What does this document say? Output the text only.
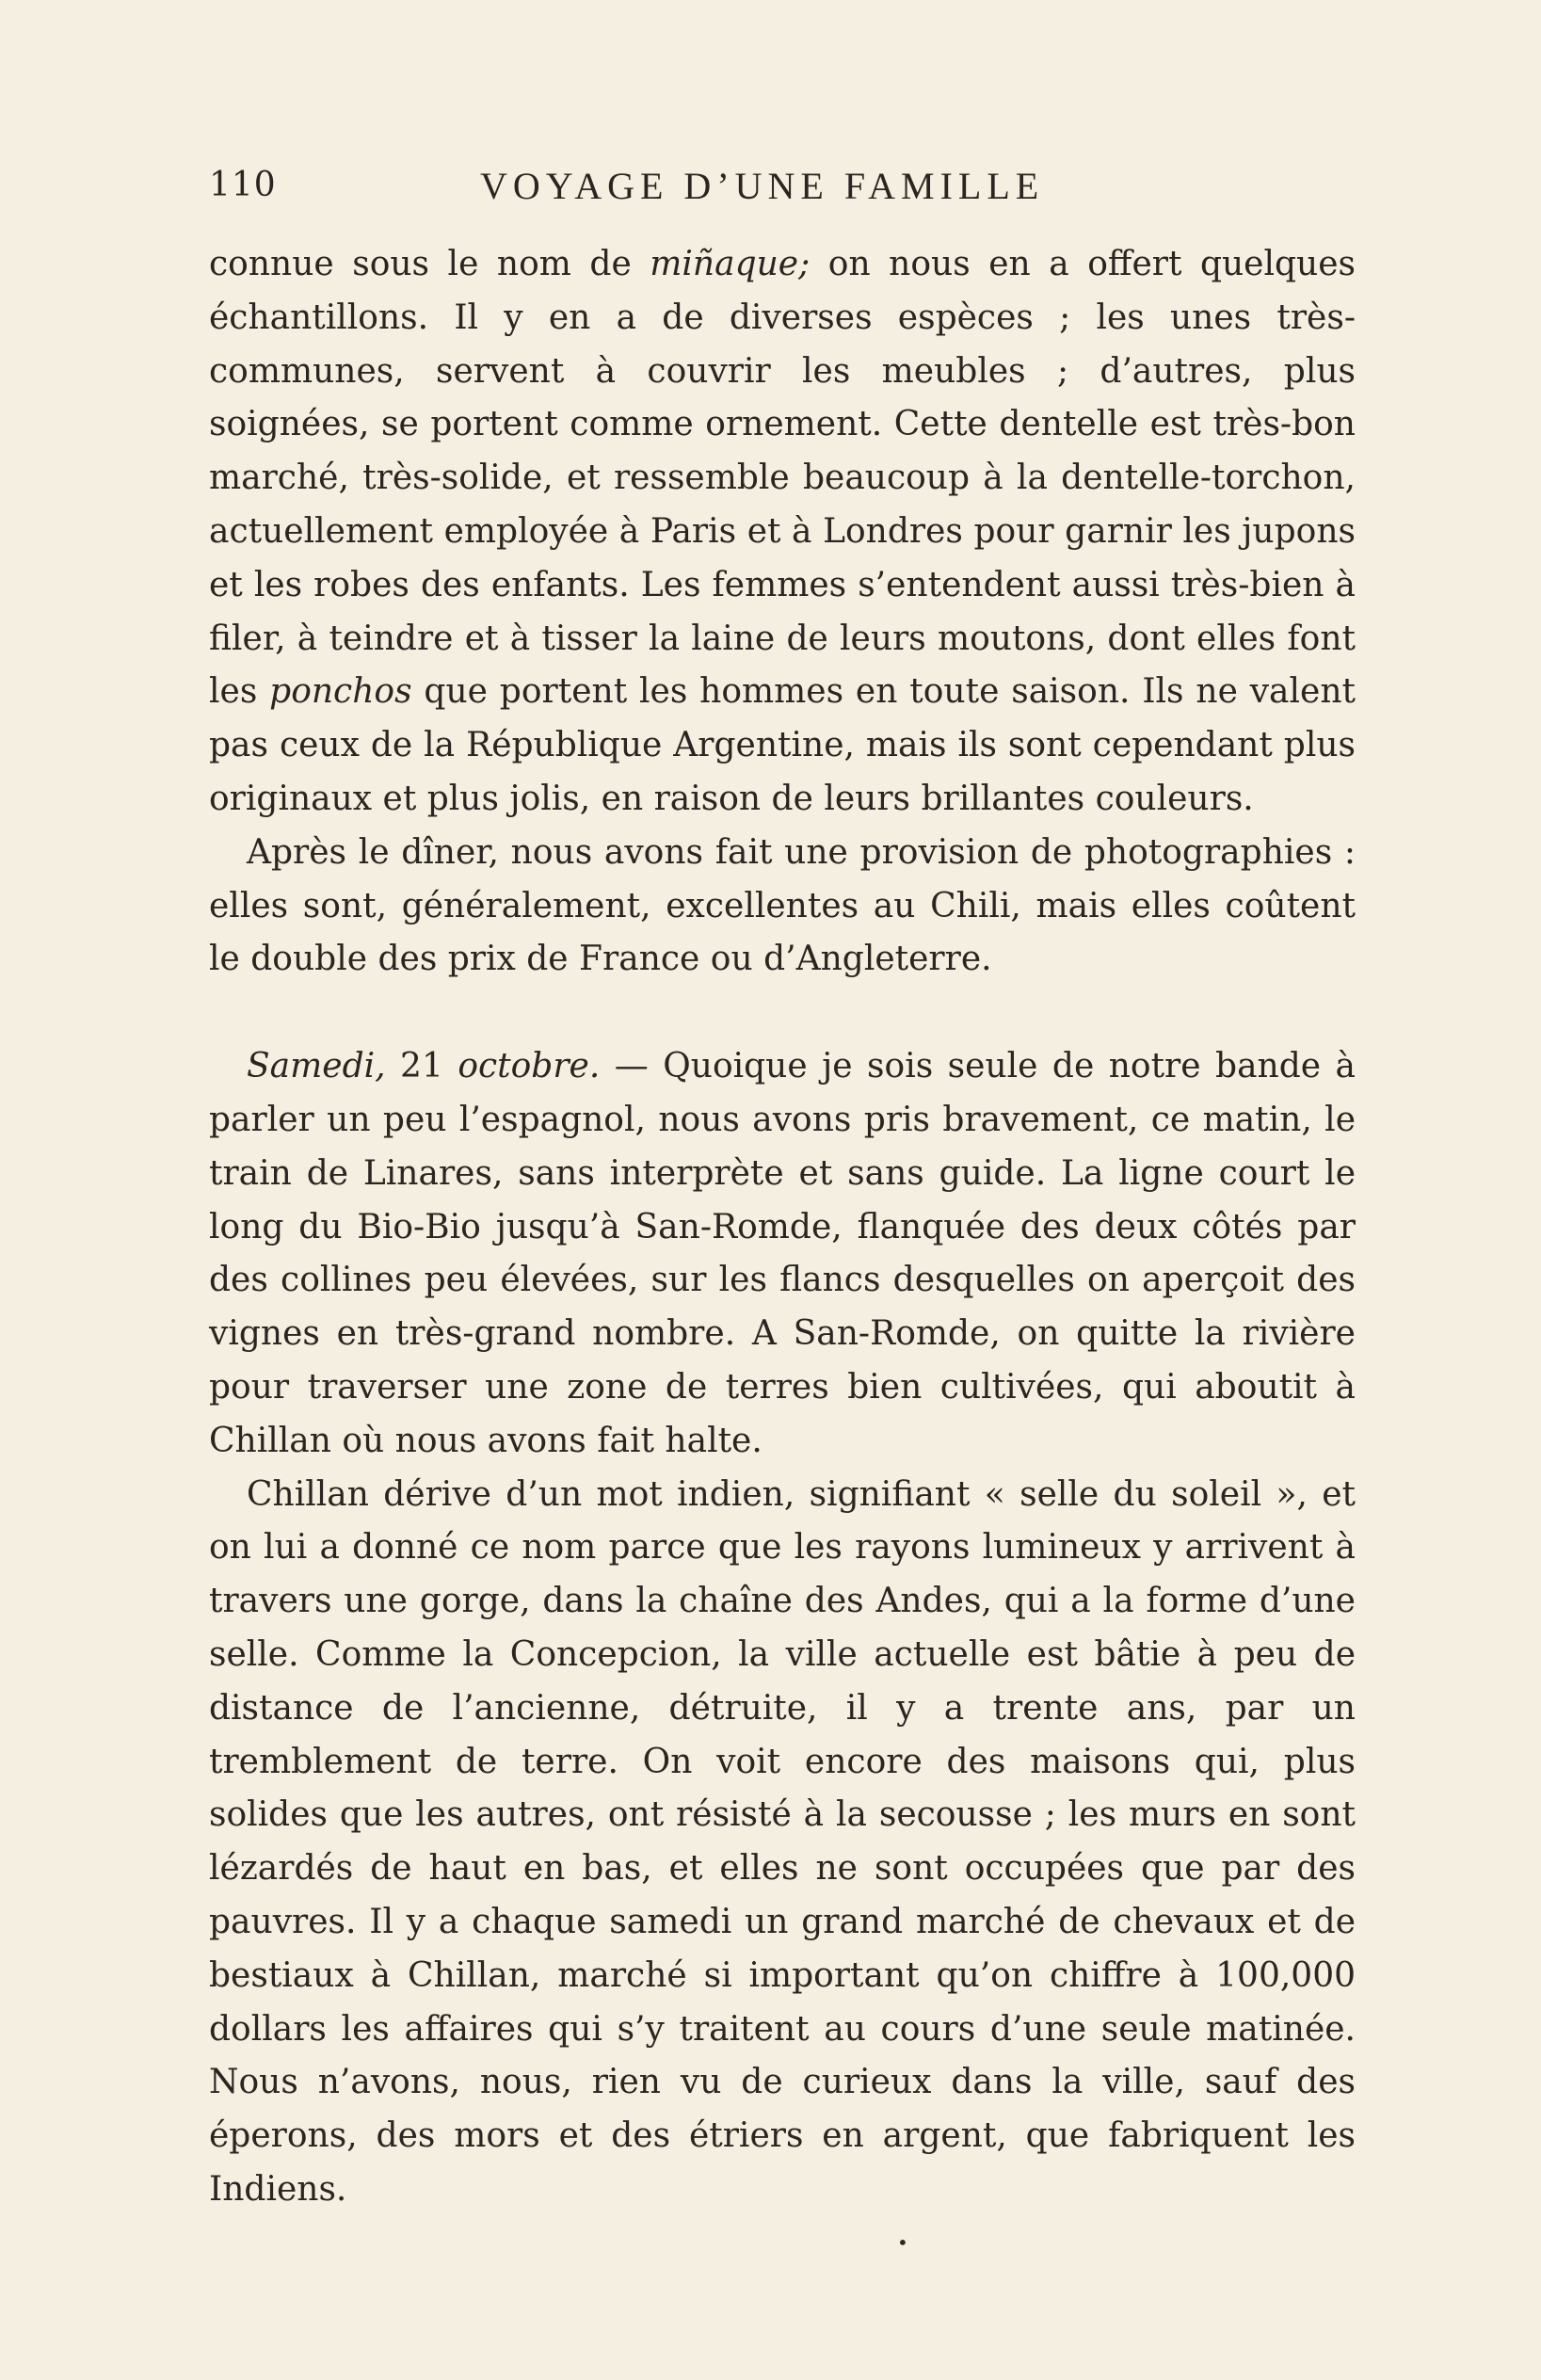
110	VOYAGE D’UNE FAMILLE

connue sous le nom de miñaque; on nous en a offert quelques échantillons. Il y en a de diverses espèces ; les unes très-communes, servent à couvrir les meubles ; d’autres, plus soignées, se portent comme ornement. Cette dentelle est très-bon marché, très-solide, et ressemble beaucoup à la dentelle-torchon, actuellement employée à Paris et à Londres pour garnir les jupons et les robes des enfants. Les femmes s’entendent aussi très-bien à filer, à teindre et à tisser la laine de leurs moutons, dont elles font les ponchos que portent les hommes en toute saison. Ils ne valent pas ceux de la République Argentine, mais ils sont cependant plus originaux et plus jolis, en raison de leurs brillantes couleurs.

Après le dîner, nous avons fait une provision de photographies : elles sont, généralement, excellentes au Chili, mais elles coûtent le double des prix de France ou d’Angleterre.

Samedi, 21 octobre. — Quoique je sois seule de notre bande à parler un peu l’espagnol, nous avons pris bravement, ce matin, le train de Linares, sans interprète et sans guide. La ligne court le long du Bio-Bio jusqu’à San-Romde, flanquée des deux côtés par des collines peu élevées, sur les flancs desquelles on aperçoit des vignes en très-grand nombre. A San-Romde, on quitte la rivière pour traverser une zone de terres bien cultivées, qui aboutit à Chillan où nous avons fait halte.

Chillan dérive d’un mot indien, signifiant « selle du soleil », et on lui a donné ce nom parce que les rayons lumineux y arrivent à travers une gorge, dans la chaîne des Andes, qui a la forme d’une selle. Comme la Concepcion, la ville actuelle est bâtie à peu de distance de l’ancienne, détruite, il y a trente ans, par un tremblement de terre. On voit encore des maisons qui, plus solides que les autres, ont résisté à la secousse ; les murs en sont lézardés de haut en bas, et elles ne sont occupées que par des pauvres. Il y a chaque samedi un grand marché de chevaux et de bestiaux à Chillan, marché si important qu’on chiffre à 100,000 dollars les affaires qui s’y traitent au cours d’une seule matinée. Nous n’avons, nous, rien vu de curieux dans la ville, sauf des éperons, des mors et des étriers en argent, que fabriquent les Indiens.

•
